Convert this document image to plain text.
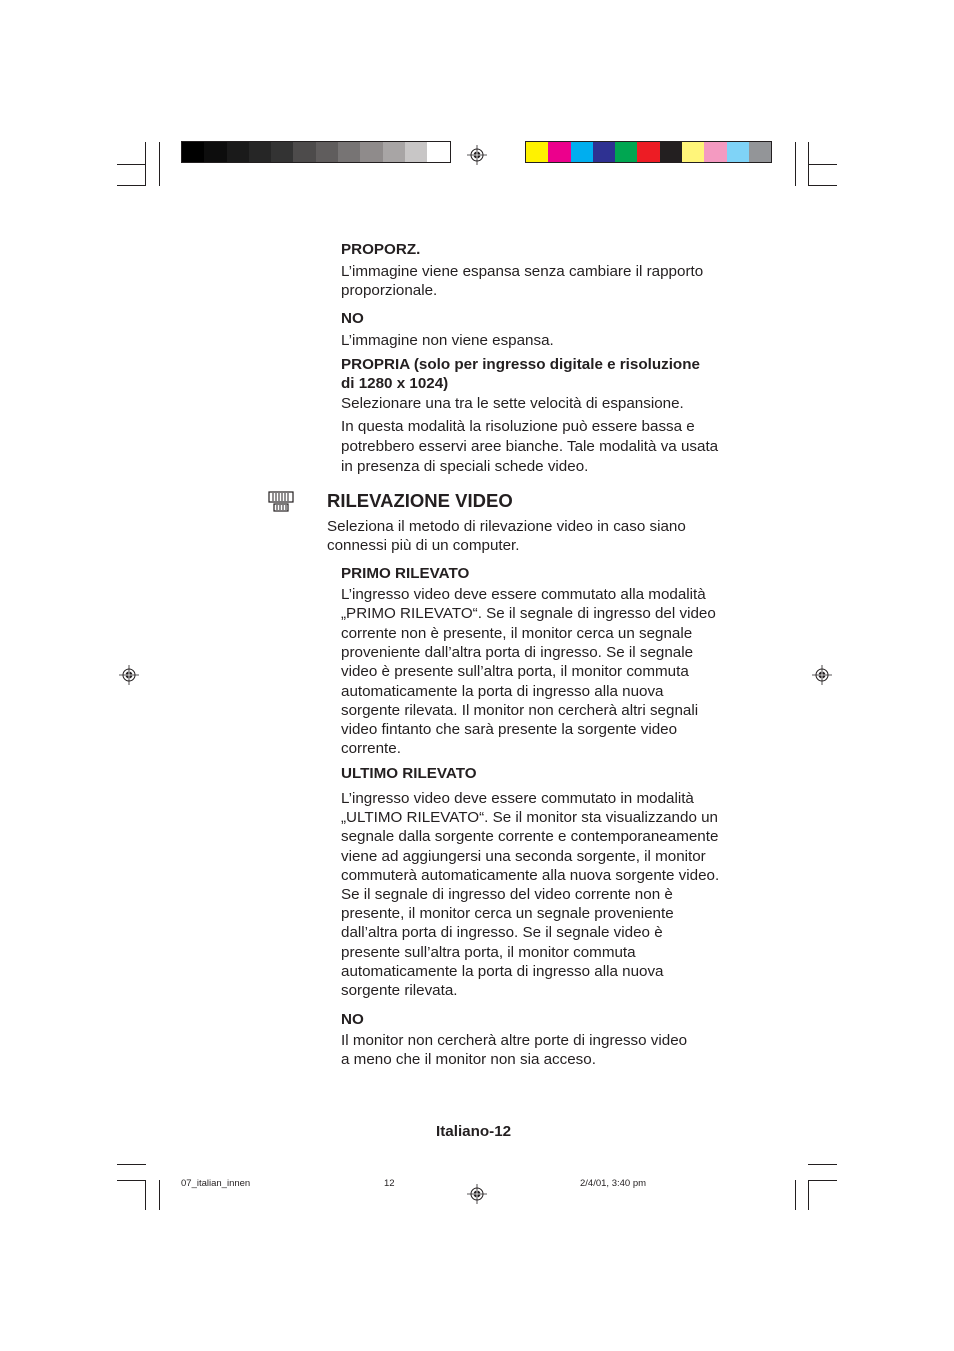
PROPORZ.
L’immagine viene espansa senza cambiare il rapporto
proporzionale.
NO
L’immagine non viene espansa.
PROPRIA (solo per ingresso digitale e risoluzione
di 1280 x 1024)
Selezionare una tra le sette velocità di espansione.
In questa modalità la risoluzione può essere bassa e
potrebbero esservi aree bianche. Tale modalità va usata
in presenza di speciali schede video.
RILEVAZIONE VIDEO
Seleziona il metodo di rilevazione video in caso siano
connessi più di un computer.
PRIMO RILEVATO
L’ingresso video deve essere commutato alla modalità
„PRIMO RILEVATO“. Se il segnale di ingresso del video
corrente non è presente, il monitor cerca un segnale
proveniente dall’altra porta di ingresso. Se il segnale
video è presente sull’altra porta, il monitor commuta
automaticamente la porta di ingresso alla nuova
sorgente rilevata. Il monitor non cercherà altri segnali
video fintanto che sarà presente la sorgente video
corrente.
ULTIMO RILEVATO
L’ingresso video deve essere commutato in modalità
„ULTIMO RILEVATO“. Se il monitor sta visualizzando un
segnale dalla sorgente corrente e contemporaneamente
viene ad aggiungersi una seconda sorgente, il monitor
commuterà automaticamente alla nuova sorgente video.
Se il segnale di ingresso del video corrente non è
presente, il monitor cerca un segnale proveniente
dall’altra porta di ingresso. Se il segnale video è
presente sull’altra porta, il monitor commuta
automaticamente la porta di ingresso alla nuova
sorgente rilevata.
NO
Il monitor non cercherà altre porte di ingresso video
a meno che il monitor non sia acceso.
Italiano-12
07_italian_innen	12	2/4/01, 3:40 pm
